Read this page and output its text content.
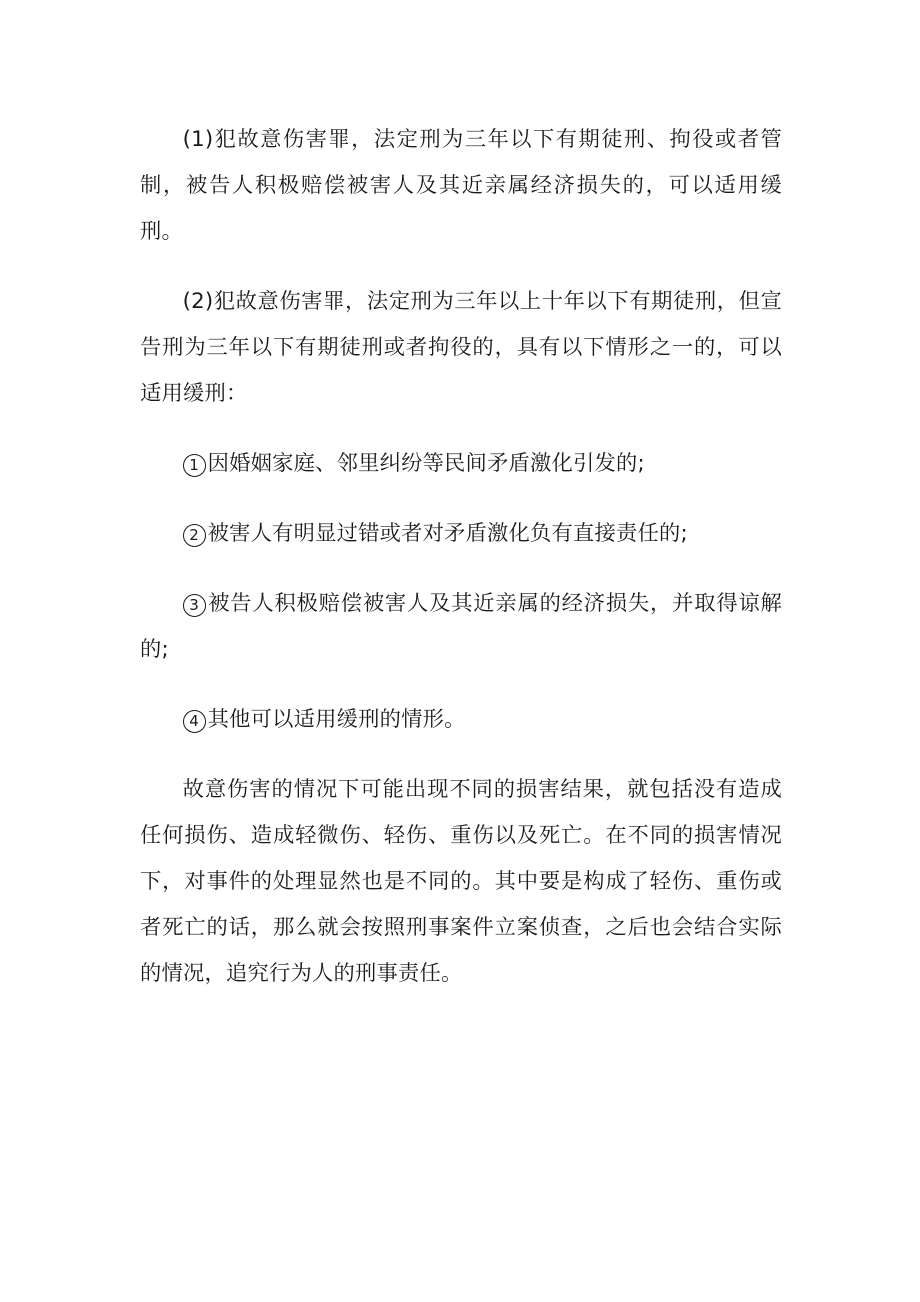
(1)犯故意伤害罪，法定刑为三年以下有期徒刑、拘役或者管制，被告人积极赔偿被害人及其近亲属经济损失的，可以适用缓刑。

(2)犯故意伤害罪，法定刑为三年以上十年以下有期徒刑，但宣告刑为三年以下有期徒刑或者拘役的，具有以下情形之一的，可以适用缓刑：

1 因婚姻家庭、邻里纠纷等民间矛盾激化引发的;

2 被害人有明显过错或者对矛盾激化负有直接责任的;

3 被告人积极赔偿被害人及其近亲属的经济损失，并取得谅解的;

4 其他可以适用缓刑的情形。

故意伤害的情况下可能出现不同的损害结果，就包括没有造成任何损伤、造成轻微伤、轻伤、重伤以及死亡。在不同的损害情况下，对事件的处理显然也是不同的。其中要是构成了轻伤、重伤或者死亡的话，那么就会按照刑事案件立案侦查，之后也会结合实际的情况，追究行为人的刑事责任。
